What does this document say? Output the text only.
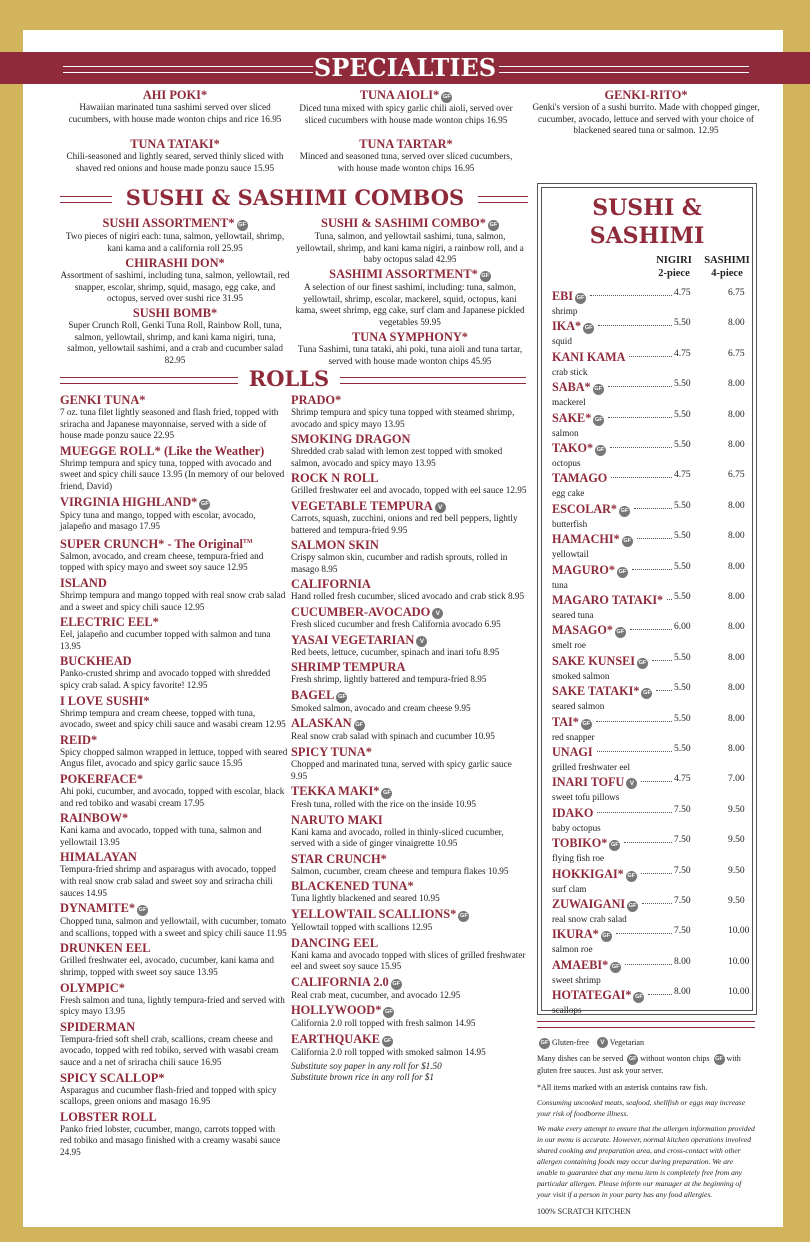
SPECIALTIES
AHI POKI*
Hawaiian marinated tuna sashimi served over sliced cucumbers, with house made wonton chips and rice 16.95
TUNA TATAKI*
Chili-seasoned and lightly seared, served thinly sliced with shaved red onions and house made ponzu sauce 15.95
TUNA AIOLI* GF
Diced tuna mixed with spicy garlic chili aioli, served over sliced cucumbers with house made wonton chips 16.95
TUNA TARTAR*
Minced and seasoned tuna, served over sliced cucumbers, with house made wonton chips 16.95
GENKI-RITO*
Genki's version of a sushi burrito. Made with chopped ginger, cucumber, avocado, lettuce and served with your choice of blackened seared tuna or salmon. 12.95
SUSHI & SASHIMI COMBOS
SUSHI ASSORTMENT* GF
Two pieces of nigiri each: tuna, salmon, yellowtail, shrimp, kani kama and a california roll 25.95
CHIRASHI DON*
Assortment of sashimi, including tuna, salmon, yellowtail, red snapper, escolar, shrimp, squid, masago, egg cake, and octopus, served over sushi rice 31.95
SUSHI BOMB*
Super Crunch Roll, Genki Tuna Roll, Rainbow Roll, tuna, salmon, yellowtail, shrimp, and kani kama nigiri, tuna, salmon, yellowtail sashimi, and a crab and cucumber salad 82.95
SUSHI & SASHIMI COMBO* GF
Tuna, salmon, and yellowtail sashimi, tuna, salmon, yellowtail, shrimp, and kani kama nigiri, a rainbow roll, and a baby octopus salad 42.95
SASHIMI ASSORTMENT* GF
A selection of our finest sashimi, including: tuna, salmon, yellowtail, shrimp, escolar, mackerel, squid, octopus, kani kama, sweet shrimp, egg cake, surf clam and Japanese pickled vegetables 59.95
TUNA SYMPHONY*
Tuna Sashimi, tuna tataki, ahi poki, tuna aioli and tuna tartar, served with house made wonton chips 45.95
ROLLS
GENKI TUNA*
7 oz. tuna filet lightly seasoned and flash fried, topped with sriracha and Japanese mayonnaise, served with a side of house made ponzu sauce 22.95
MUEGGE ROLL* (Like the Weather)
Shrimp tempura and spicy tuna, topped with avocado and sweet and spicy chili sauce 13.95 (In memory of our beloved friend, David)
VIRGINIA HIGHLAND* GF
Spicy tuna and mango, topped with escolar, avocado, jalapeño and masago 17.95
SUPER CRUNCH* - The Original™
Salmon, avocado, and cream cheese, tempura-fried and topped with spicy mayo and sweet soy sauce 12.95
ISLAND
Shrimp tempura and mango topped with real snow crab salad and a sweet and spicy chili sauce 12.95
ELECTRIC EEL*
Eel, jalapeño and cucumber topped with salmon and tuna 13.95
BUCKHEAD
Panko-crusted shrimp and avocado topped with shredded spicy crab salad. A spicy favorite! 12.95
I LOVE SUSHI*
Shrimp tempura and cream cheese, topped with tuna, avocado, sweet and spicy chili sauce and wasabi cream 12.95
REID*
Spicy chopped salmon wrapped in lettuce, topped with seared Angus filet, avocado and spicy garlic sauce 15.95
POKERFACE*
Ahi poki, cucumber, and avocado, topped with escolar, black and red tobiko and wasabi cream 17.95
RAINBOW*
Kani kama and avocado, topped with tuna, salmon and yellowtail 13.95
HIMALAYAN
Tempura-fried shrimp and asparagus with avocado, topped with real snow crab salad and sweet soy and sriracha chili sauces 14.95
DYNAMITE* GF
Chopped tuna, salmon and yellowtail, with cucumber, tomato and scallions, topped with a sweet and spicy chili sauce 11.95
DRUNKEN EEL
Grilled freshwater eel, avocado, cucumber, kani kama and shrimp, topped with sweet soy sauce 13.95
OLYMPIC*
Fresh salmon and tuna, lightly tempura-fried and served with spicy mayo 13.95
SPIDERMAN
Tempura-fried soft shell crab, scallions, cream cheese and avocado, topped with red tobiko, served with wasabi cream sauce and a net of sriracha chili sauce 16.95
SPICY SCALLOP*
Asparagus and cucumber flash-fried and topped with spicy scallops, green onions and masago 16.95
LOBSTER ROLL
Panko fried lobster, cucumber, mango, carrots topped with red tobiko and masago finished with a creamy wasabi sauce 24.95
PRADO*
Shrimp tempura and spicy tuna topped with steamed shrimp, avocado and spicy mayo 13.95
SMOKING DRAGON
Shredded crab salad with lemon zest topped with smoked salmon, avocado and spicy mayo 13.95
ROCK N ROLL
Grilled freshwater eel and avocado, topped with eel sauce 12.95
VEGETABLE TEMPURA V
Carrots, squash, zucchini, onions and red bell peppers, lightly battered and tempura-fried 9.95
SALMON SKIN
Crispy salmon skin, cucumber and radish sprouts, rolled in masago 8.95
CALIFORNIA
Hand rolled fresh cucumber, sliced avocado and crab stick 8.95
CUCUMBER-AVOCADO V
Fresh sliced cucumber and fresh California avocado 6.95
YASAI VEGETARIAN V
Red beets, lettuce, cucumber, spinach and inari tofu 8.95
SHRIMP TEMPURA
Fresh shrimp, lightly battered and tempura-fried 8.95
BAGEL GF
Smoked salmon, avocado and cream cheese 9.95
ALASKAN GF
Real snow crab salad with spinach and cucumber 10.95
SPICY TUNA*
Chopped and marinated tuna, served with spicy garlic sauce 9.95
TEKKA MAKI* GF
Fresh tuna, rolled with the rice on the inside 10.95
NARUTO MAKI
Kani kama and avocado, rolled in thinly-sliced cucumber, served with a side of ginger vinaigrette 10.95
STAR CRUNCH*
Salmon, cucumber, cream cheese and tempura flakes 10.95
BLACKENED TUNA*
Tuna lightly blackened and seared 10.95
YELLOWTAIL SCALLIONS* GF
Yellowtail topped with scallions 12.95
DANCING EEL
Kani kama and avocado topped with slices of grilled freshwater eel and sweet soy sauce 15.95
CALIFORNIA 2.0 GF
Real crab meat, cucumber, and avocado 12.95
HOLLYWOOD* GF
California 2.0 roll topped with fresh salmon 14.95
EARTHQUAKE GF
California 2.0 roll topped with smoked salmon 14.95
Substitute soy paper in any roll for $1.50
Substitute brown rice in any roll for $1
SUSHI &
SASHIMI
NIGIRI
2-piece
SASHIMI
4-piece
EBI GF	4.75	6.75
shrimp
IKA* GF	5.50	8.00
squid
KANI KAMA	4.75	6.75
crab stick
SABA* GF	5.50	8.00
mackerel
SAKE* GF	5.50	8.00
salmon
TAKO* GF	5.50	8.00
octopus
TAMAGO	4.75	6.75
egg cake
ESCOLAR* GF	5.50	8.00
butterfish
HAMACHI* GF	5.50	8.00
yellowtail
MAGURO* GF	5.50	8.00
tuna
MAGARO TATAKI* 5.50	8.00
seared tuna
MASAGO* GF	6.00	8.00
smelt roe
SAKE KUNSEI GF	5.50	8.00
smoked salmon
SAKE TATAKI* GF 5.50	8.00
seared salmon
TAI* GF	5.50	8.00
red snapper
UNAGI	5.50	8.00
grilled freshwater eel
INARI TOFU V	4.75	7.00
sweet tofu pillows
IDAKO	7.50	9.50
baby octopus
TOBIKO* GF	7.50	9.50
flying fish roe
HOKKIGAI* GF	7.50	9.50
surf clam
ZUWAIGANI GF	7.50	9.50
real snow crab salad
IKURA* GF	7.50	10.00
salmon roe
AMAEBI* GF	8.00	10.00
sweet shrimp
HOTATEGAI* GF	8.00	10.00
scallops
GF Gluten-free V Vegetarian
Many dishes can be served GF without wonton chips GF with gluten free sauces. Just ask your server.
*All items marked with an asterisk contains raw fish.
Consuming uncooked meats, seafood, shellfish or eggs may increase your risk of foodborne illness.
We make every attempt to ensure that the allergen information provided in our menu is accurate. However, normal kitchen operations involved shared cooking and preparation area, and cross-contact with other allergen containing foods may occur during preparation. We are unable to guarantee that any menu item is completely free from any particular allergen. Please inform our manager at the beginning of your visit if a person in your party has any food allergies.
100% SCRATCH KITCHEN
